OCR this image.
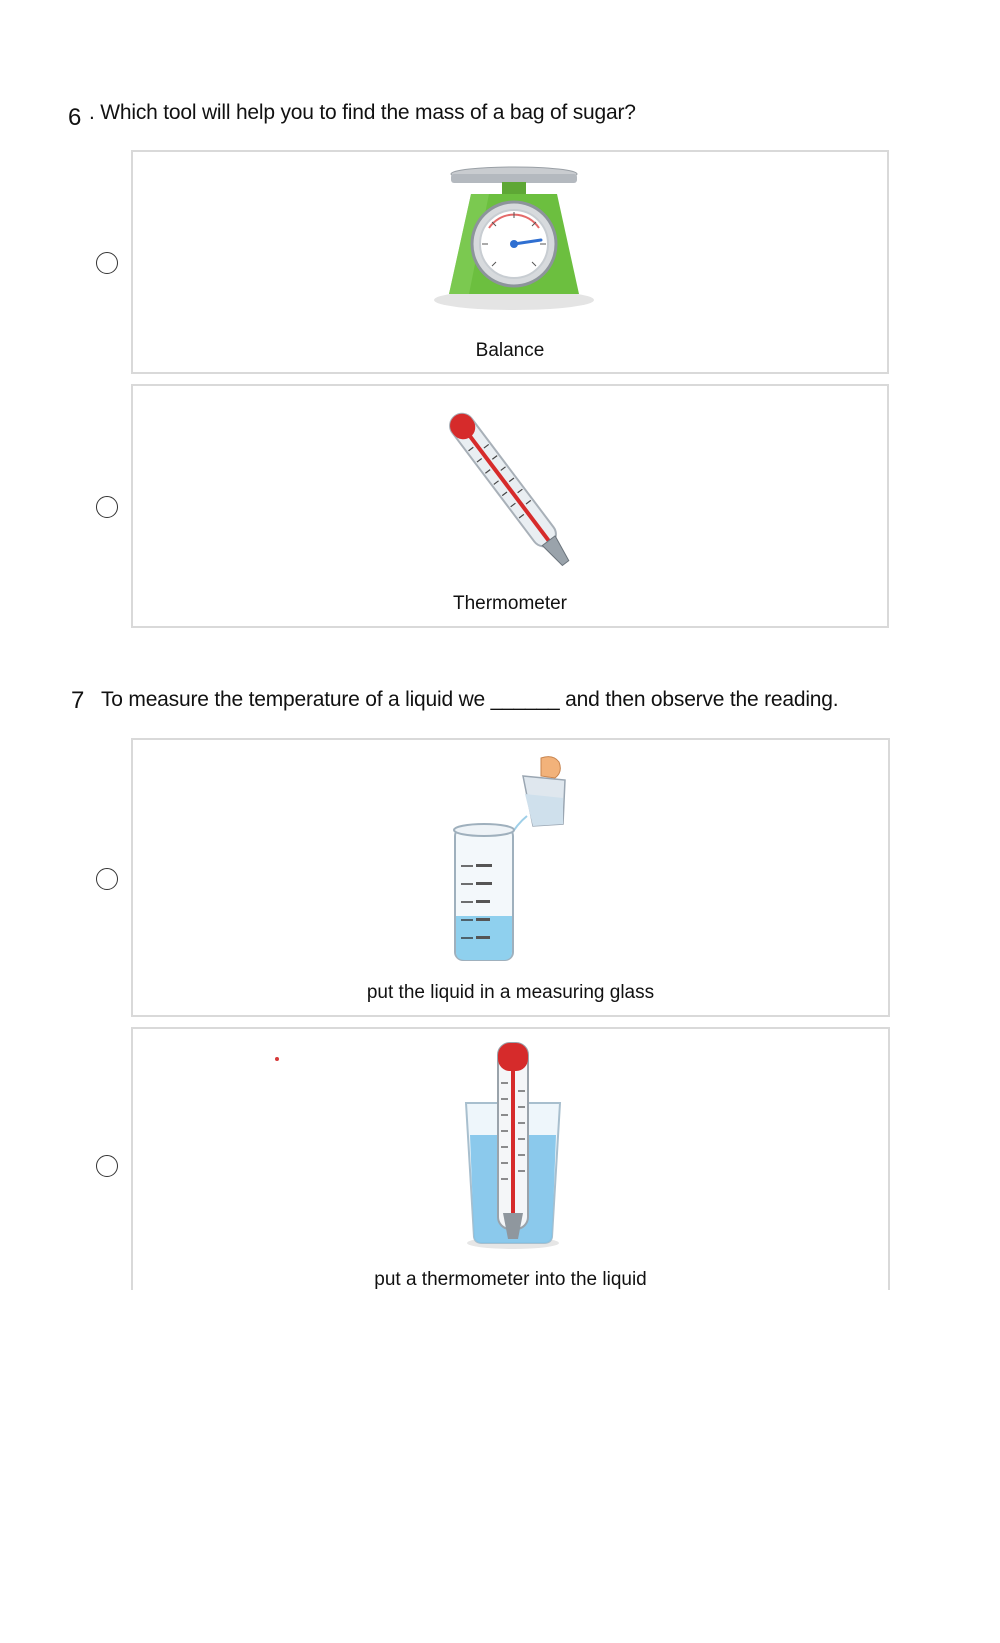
6 . Which tool will help you to find the mass of a bag of sugar?
Balance
Thermometer
7 To measure the temperature of a liquid we ______ and then observe the reading.
put the liquid in a measuring glass
put a thermometer into the liquid
